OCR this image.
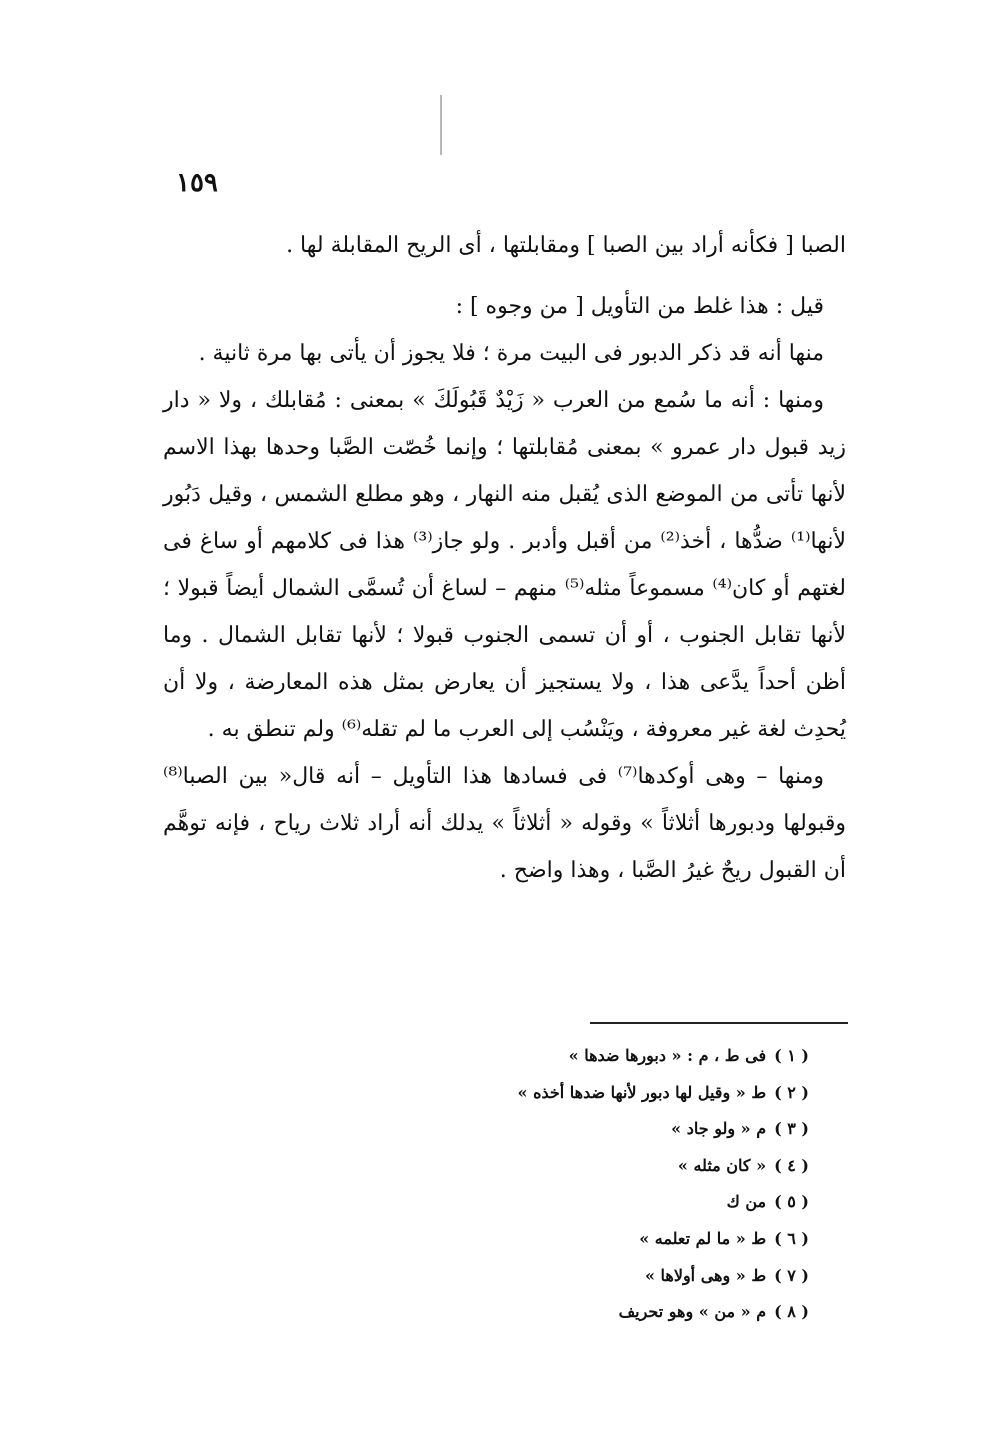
١٥٩

الصبا [ فكأنه أراد بين الصبا ] ومقابلتها ، أى الريح المقابلة لها .

قيل : هذا غلط من التأويل [ من وجوه ] :

منها أنه قد ذكر الدبور فى البيت مرة ؛ فلا يجوز أن يأتى بها مرة ثانية .

ومنها : أنه ما سُمع من العرب « زَيْدٌ قَبُولَكَ » بمعنى : مُقابلك ، ولا « دار زيد قبول دار عمرو » بمعنى مُقابلتها ؛ وإنما خُصّت الصَّبا وحدها بهذا الاسم لأنها تأتى من الموضع الذى يُقبل منه النهار ، وهو مطلع الشمس ، وقيل دَبُور لأنها⁽¹⁾ ضدُّها ، أخذ⁽²⁾ من أقبل وأدبر . ولو جاز⁽³⁾ هذا فى كلامهم أو ساغ فى لغتهم أو كان⁽⁴⁾ مسموعاً مثله⁽⁵⁾ منهم – لساغ أن تُسمَّى الشمال أيضاً قبولا ؛ لأنها تقابل الجنوب ، أو أن تسمى الجنوب قبولا ؛ لأنها تقابل الشمال . وما أظن أحداً يدَّعى هذا ، ولا يستجيز أن يعارض بمثل هذه المعارضة ، ولا أن يُحدِث لغة غير معروفة ، ويَنْسُب إلى العرب ما لم تقله⁽⁶⁾ ولم تنطق به .

ومنها – وهى أوكدها⁽⁷⁾ فى فسادها هذا التأويل – أنه قال« بين الصبا⁽⁸⁾ وقبولها ودبورها أثلاثاً » وقوله « أثلاثاً » يدلك أنه أراد ثلاث رياح ، فإنه توهَّم أن القبول ريحٌ غيرُ الصَّبا ، وهذا واضح .

( ١ )فى ط ، م : « دبورها ضدها »
( ٢ )ط « وقيل لها دبور لأنها ضدها أخذه »
( ٣ )م « ولو جاد »
( ٤ )« كان مثله »
( ٥ )من ك
( ٦ )ط « ما لم تعلمه »
( ٧ )ط « وهى أولاها »
( ٨ )م « من » وهو تحريف
